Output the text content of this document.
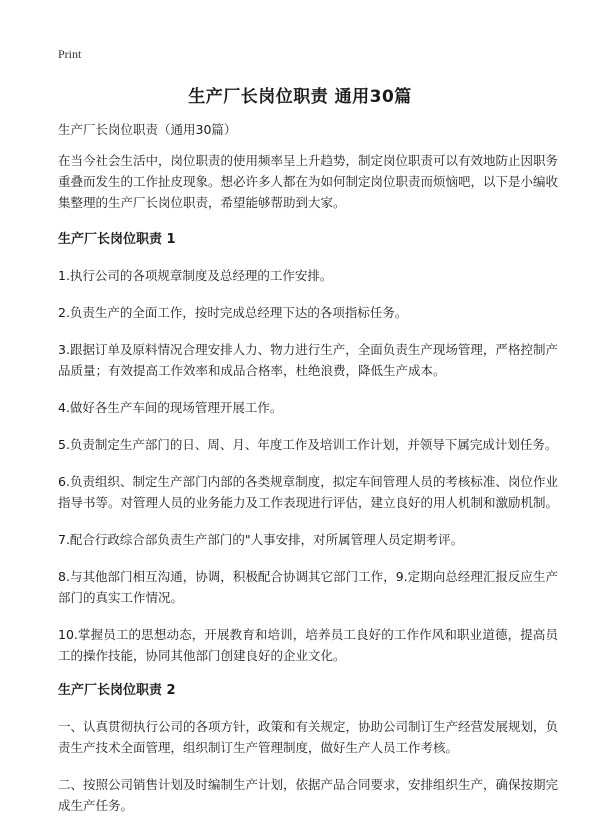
Print
生产厂长岗位职责 通用30篇
生产厂长岗位职责（通用30篇）

在当今社会生活中，岗位职责的使用频率呈上升趋势，制定岗位职责可以有效地防止因职务重叠而发生的工作扯皮现象。想必许多人都在为如何制定岗位职责而烦恼吧，以下是小编收集整理的生产厂长岗位职责，希望能够帮助到大家。

生产厂长岗位职责 1

1.执行公司的各项规章制度及总经理的工作安排。

2.负责生产的全面工作，按时完成总经理下达的各项指标任务。

3.跟据订单及原料情况合理安排人力、物力进行生产，全面负责生产现场管理，严格控制产品质量；有效提高工作效率和成品合格率，杜绝浪费，降低生产成本。

4.做好各生产车间的现场管理开展工作。

5.负责制定生产部门的日、周、月、年度工作及培训工作计划，并领导下属完成计划任务。

6.负责组织、制定生产部门内部的各类规章制度，拟定车间管理人员的考核标准、岗位作业指导书等。对管理人员的业务能力及工作表现进行评估，建立良好的用人机制和激励机制。

7.配合行政综合部负责生产部门的"人事安排，对所属管理人员定期考评。

8.与其他部门相互沟通，协调，积极配合协调其它部门工作，9.定期向总经理汇报反应生产部门的真实工作情况。

10.掌握员工的思想动态，开展教育和培训，培养员工良好的工作作风和职业道德，提高员工的操作技能，协同其他部门创建良好的企业文化。

生产厂长岗位职责 2

一、认真贯彻执行公司的各项方针，政策和有关规定，协助公司制订生产经营发展规划，负责生产技术全面管理，组织制订生产管理制度，做好生产人员工作考核。

二、按照公司销售计划及时编制生产计划，依据产品合同要求，安排组织生产，确保按期完成生产任务。
